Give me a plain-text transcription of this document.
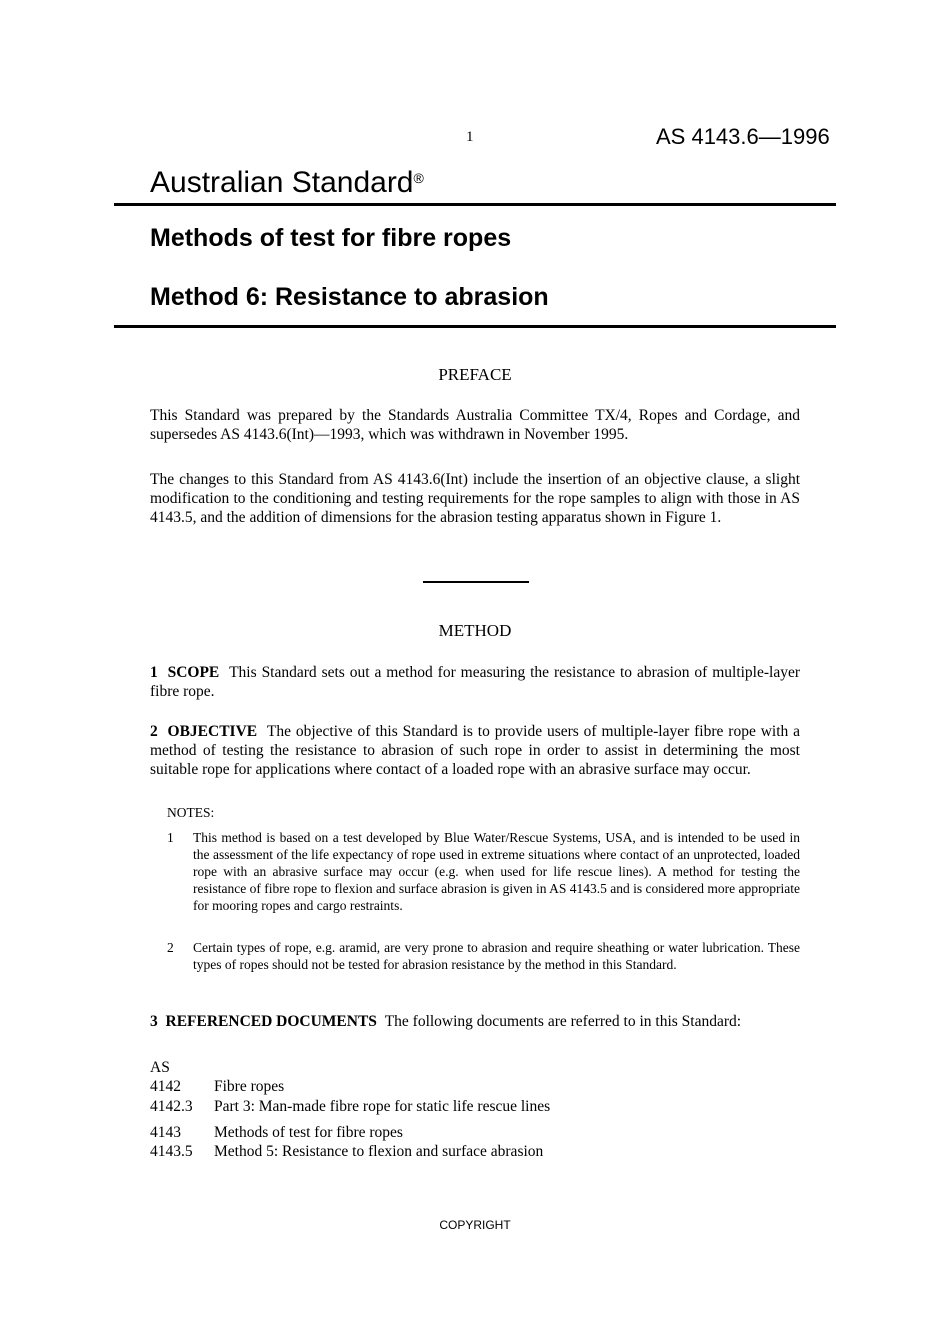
1	AS 4143.6—1996
Australian Standard®
Methods of test for fibre ropes
Method 6: Resistance to abrasion
PREFACE
This Standard was prepared by the Standards Australia Committee TX/4, Ropes and Cordage, and supersedes AS 4143.6(Int)—1993, which was withdrawn in November 1995.
The changes to this Standard from AS 4143.6(Int) include the insertion of an objective clause, a slight modification to the conditioning and testing requirements for the rope samples to align with those in AS 4143.5, and the addition of dimensions for the abrasion testing apparatus shown in Figure 1.
METHOD
1 SCOPE This Standard sets out a method for measuring the resistance to abrasion of multiple-layer fibre rope.
2 OBJECTIVE The objective of this Standard is to provide users of multiple-layer fibre rope with a method of testing the resistance to abrasion of such rope in order to assist in determining the most suitable rope for applications where contact of a loaded rope with an abrasive surface may occur.
NOTES:
1	This method is based on a test developed by Blue Water/Rescue Systems, USA, and is intended to be used in the assessment of the life expectancy of rope used in extreme situations where contact of an unprotected, loaded rope with an abrasive surface may occur (e.g. when used for life rescue lines). A method for testing the resistance of fibre rope to flexion and surface abrasion is given in AS 4143.5 and is considered more appropriate for mooring ropes and cargo restraints.
2	Certain types of rope, e.g. aramid, are very prone to abrasion and require sheathing or water lubrication. These types of ropes should not be tested for abrasion resistance by the method in this Standard.
3 REFERENCED DOCUMENTS The following documents are referred to in this Standard:
AS
4142 Fibre ropes
4142.3 Part 3: Man-made fibre rope for static life rescue lines
4143 Methods of test for fibre ropes
4143.5 Method 5: Resistance to flexion and surface abrasion
COPYRIGHT
